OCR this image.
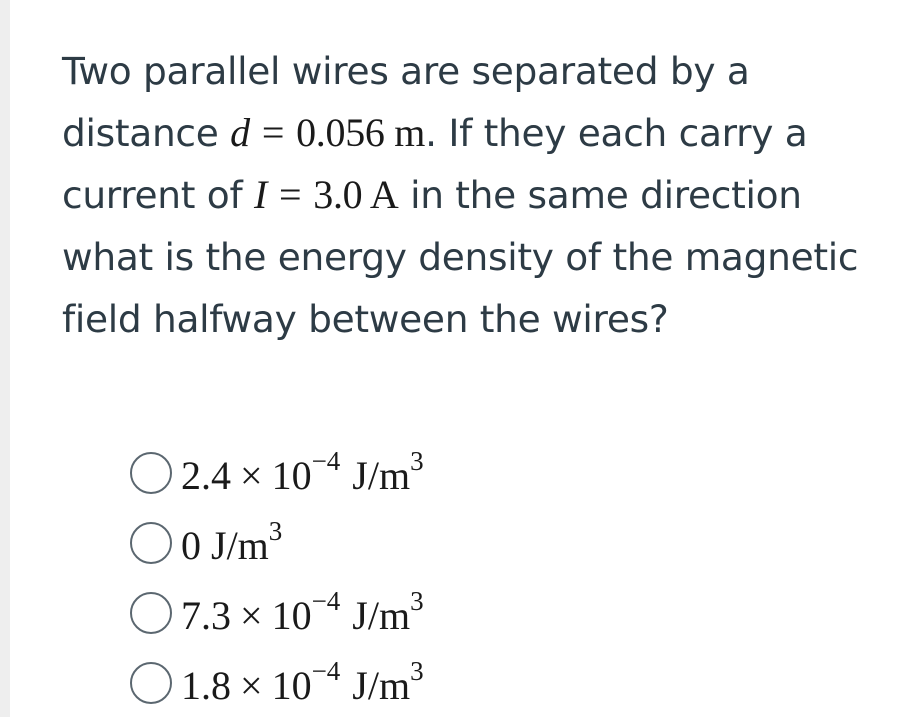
Two parallel wires are separated by a
distance d = 0.056 m. If they each carry a
current of I = 3.0 A in the same direction
what is the energy density of the magnetic
field halfway between the wires?
$2.4 \times 10^{-4}$ $J/m^3$
0 $J/m^3$
$7.3 \times 10^{-4}$ $J/m^3$
$1.8 \times 10^{-4}$ $J/m^3$
